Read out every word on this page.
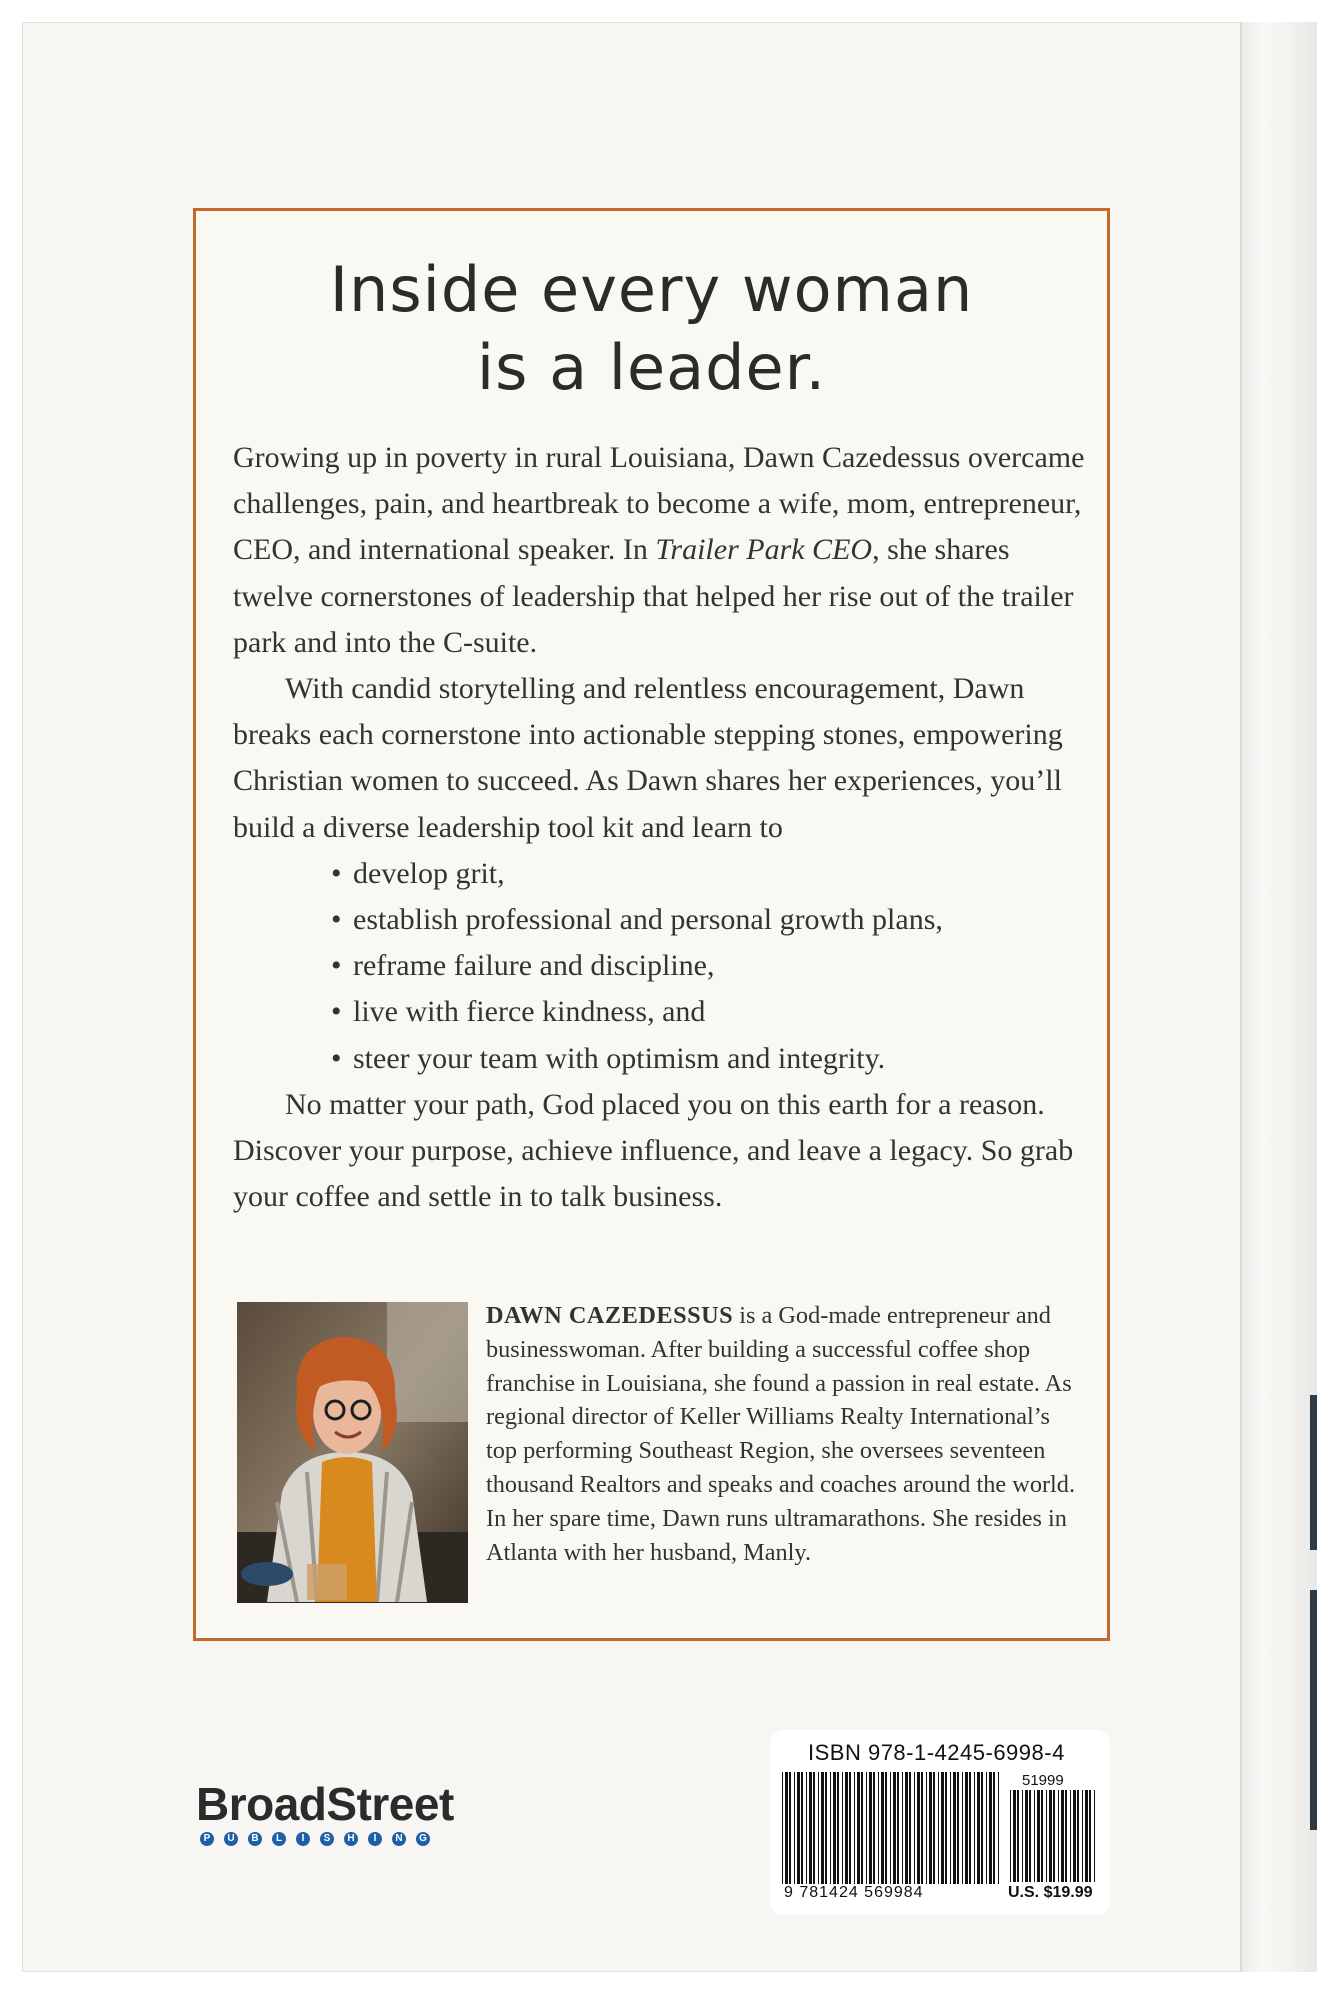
Inside every woman
is a leader.

Growing up in poverty in rural Louisiana, Dawn Cazedessus overcame challenges, pain, and heartbreak to become a wife, mom, entrepreneur, CEO, and international speaker. In Trailer Park CEO, she shares twelve cornerstones of leadership that helped her rise out of the trailer park and into the C-suite.

With candid storytelling and relentless encouragement, Dawn breaks each cornerstone into actionable stepping stones, empowering Christian women to succeed. As Dawn shares her experiences, you’ll build a diverse leadership tool kit and learn to

• develop grit,
• establish professional and personal growth plans,
• reframe failure and discipline,
• live with fierce kindness, and
• steer your team with optimism and integrity.

No matter your path, God placed you on this earth for a reason. Discover your purpose, achieve influence, and leave a legacy. So grab your coffee and settle in to talk business.

DAWN CAZEDESSUS is a God-made entrepreneur and businesswoman. After building a successful coffee shop franchise in Louisiana, she found a passion in real estate. As regional director of Keller Williams Realty International’s top performing Southeast Region, she oversees seventeen thousand Realtors and speaks and coaches around the world. In her spare time, Dawn runs ultramarathons. She resides in Atlanta with her husband, Manly.
BroadStreet
P	U	B	L	I	S	H	I	N	G
ISBN 978-1-4245-6998-4
51999
9 781424 569984	U.S. $19.99
